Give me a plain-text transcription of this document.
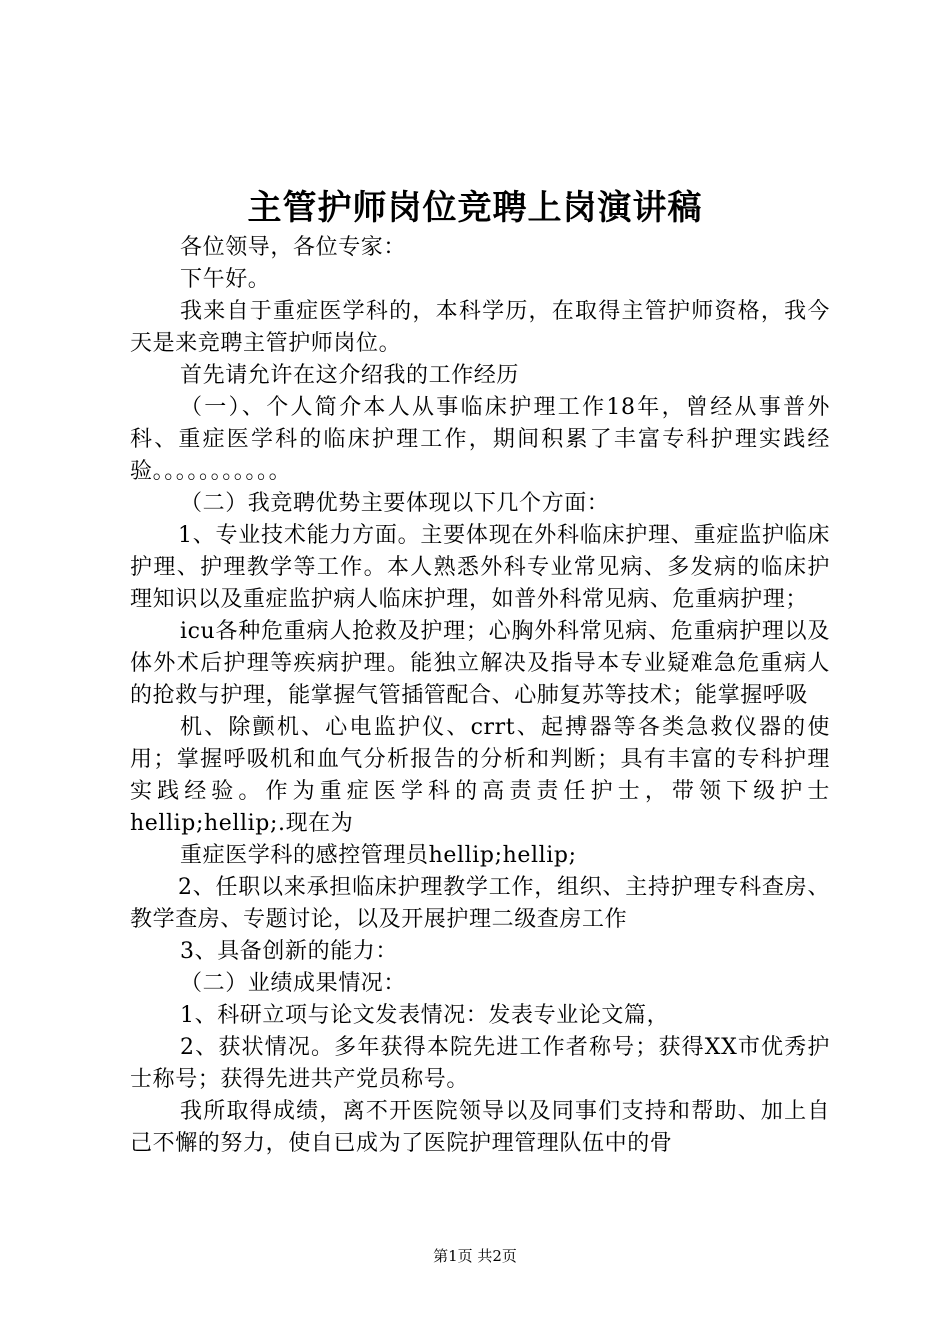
主管护师岗位竞聘上岗演讲稿

各位领导，各位专家：

下午好。

我来自于重症医学科的，本科学历，在取得主管护师资格，我今天是来竞聘主管护师岗位。

首先请允许在这介绍我的工作经历

（一）、个人简介本人从事临床护理工作18年，曾经从事普外科、重症医学科的临床护理工作，期间积累了丰富专科护理实践经验。。。。。。。。。。。

（二）我竞聘优势主要体现以下几个方面：

1、专业技术能力方面。主要体现在外科临床护理、重症监护临床护理、护理教学等工作。本人熟悉外科专业常见病、多发病的临床护理知识以及重症监护病人临床护理，如普外科常见病、危重病护理；

icu各种危重病人抢救及护理；心胸外科常见病、危重病护理以及体外术后护理等疾病护理。能独立解决及指导本专业疑难急危重病人的抢救与护理，能掌握气管插管配合、心肺复苏等技术；能掌握呼吸

机、除颤机、心电监护仪、crrt、起搏器等各类急救仪器的使用；掌握呼吸机和血气分析报告的分析和判断；具有丰富的专科护理实践经验。作为重症医学科的高责责任护士，带领下级护士hellip;hellip;.现在为

重症医学科的感控管理员hellip;hellip;

2、任职以来承担临床护理教学工作，组织、主持护理专科查房、教学查房、专题讨论，以及开展护理二级查房工作

3、具备创新的能力：

（二）业绩成果情况：

1、科研立项与论文发表情况：发表专业论文篇，

2、获状情况。多年获得本院先进工作者称号；获得XX市优秀护士称号；获得先进共产党员称号。

我所取得成绩，离不开医院领导以及同事们支持和帮助、加上自己不懈的努力，使自已成为了医院护理管理队伍中的骨

第1页 共2页
